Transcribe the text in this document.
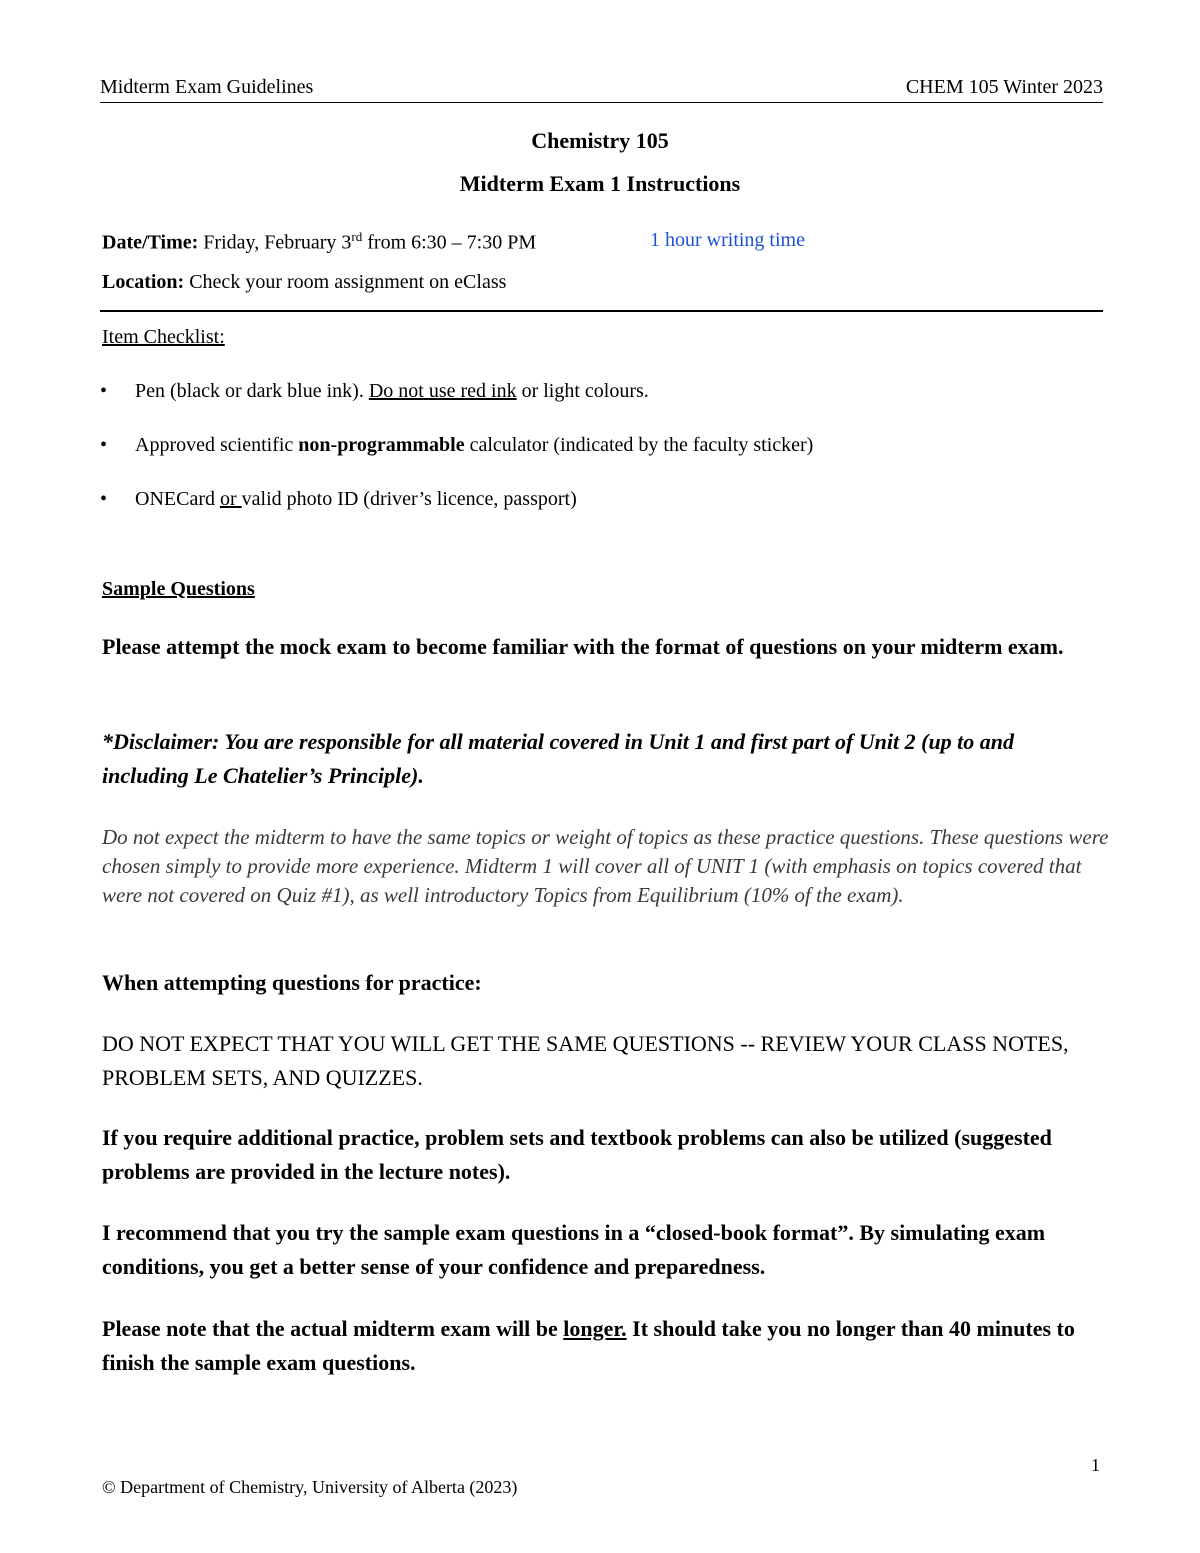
Midterm Exam Guidelines	CHEM 105 Winter 2023
Chemistry 105
Midterm Exam 1 Instructions
Date/Time: Friday, February 3rd from 6:30 – 7:30 PM	1 hour writing time
Location: Check your room assignment on eClass
Item Checklist:
• Pen (black or dark blue ink). Do not use red ink or light colours.
• Approved scientific non-programmable calculator (indicated by the faculty sticker)
• ONECard or valid photo ID (driver’s licence, passport)
Sample Questions
Please attempt the mock exam to become familiar with the format of questions on your midterm exam.
*Disclaimer: You are responsible for all material covered in Unit 1 and first part of Unit 2 (up to and including Le Chatelier’s Principle).
Do not expect the midterm to have the same topics or weight of topics as these practice questions. These questions were chosen simply to provide more experience. Midterm 1 will cover all of UNIT 1 (with emphasis on topics covered that were not covered on Quiz #1), as well introductory Topics from Equilibrium (10% of the exam).
When attempting questions for practice:
DO NOT EXPECT THAT YOU WILL GET THE SAME QUESTIONS -- REVIEW YOUR CLASS NOTES, PROBLEM SETS, AND QUIZZES.
If you require additional practice, problem sets and textbook problems can also be utilized (suggested problems are provided in the lecture notes).
I recommend that you try the sample exam questions in a “closed-book format”. By simulating exam conditions, you get a better sense of your confidence and preparedness.
Please note that the actual midterm exam will be longer. It should take you no longer than 40 minutes to finish the sample exam questions.
1
© Department of Chemistry, University of Alberta (2023)
